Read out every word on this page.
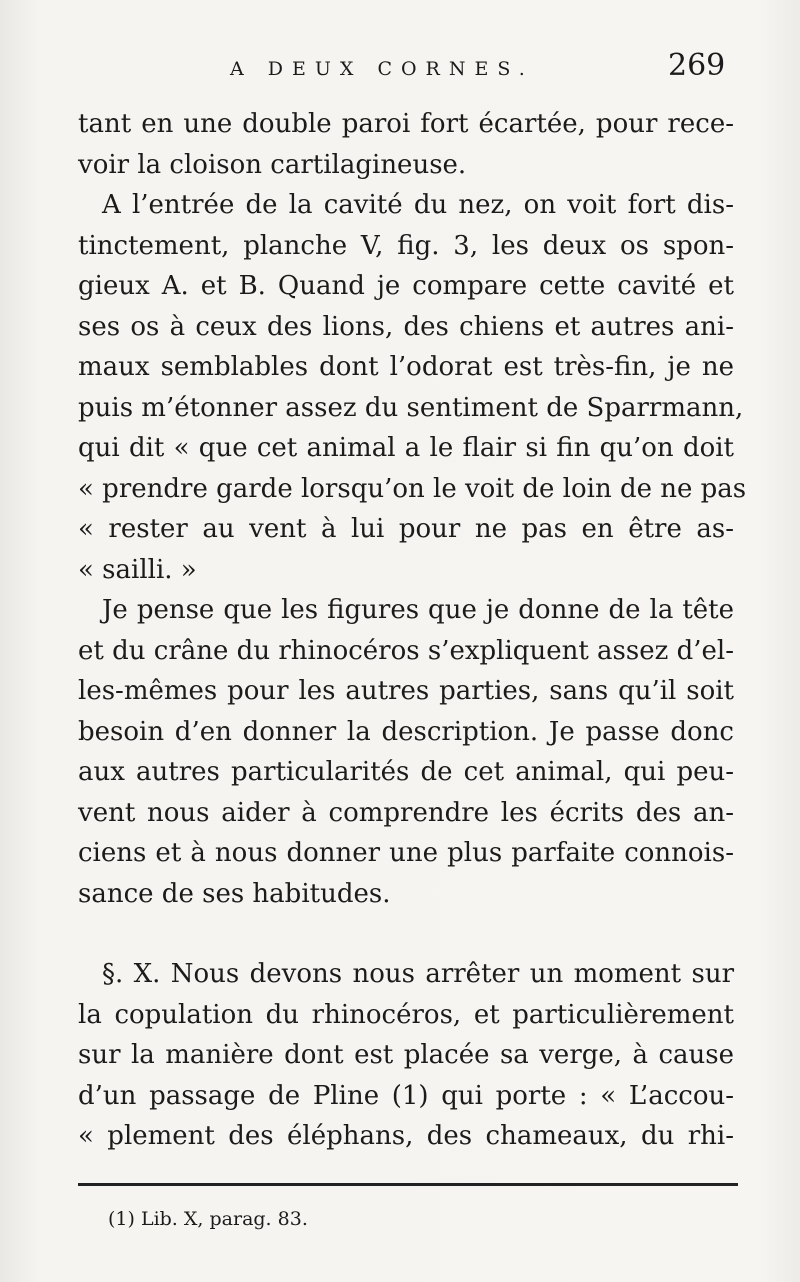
A DEUX CORNES.	269
tant en une double paroi fort écartée, pour rece-
voir la cloison cartilagineuse.
A l’entrée de la cavité du nez, on voit fort dis-
tinctement, planche V, fig. 3, les deux os spon-
gieux A. et B. Quand je compare cette cavité et
ses os à ceux des lions, des chiens et autres ani-
maux semblables dont l’odorat est très-fin, je ne
puis m’étonner assez du sentiment de Sparrmann,
qui dit « que cet animal a le flair si fin qu’on doit
« prendre garde lorsqu’on le voit de loin de ne pas
« rester au vent à lui pour ne pas en être as-
« sailli. »
Je pense que les figures que je donne de la tête
et du crâne du rhinocéros s’expliquent assez d’el-
les-mêmes pour les autres parties, sans qu’il soit
besoin d’en donner la description. Je passe donc
aux autres particularités de cet animal, qui peu-
vent nous aider à comprendre les écrits des an-
ciens et à nous donner une plus parfaite connois-
sance de ses habitudes.
§. X. Nous devons nous arrêter un moment sur
la copulation du rhinocéros, et particulièrement
sur la manière dont est placée sa verge, à cause
d’un passage de Pline (1) qui porte : « L’accou-
« plement des éléphans, des chameaux, du rhi-
(1) Lib. X, parag. 83.
